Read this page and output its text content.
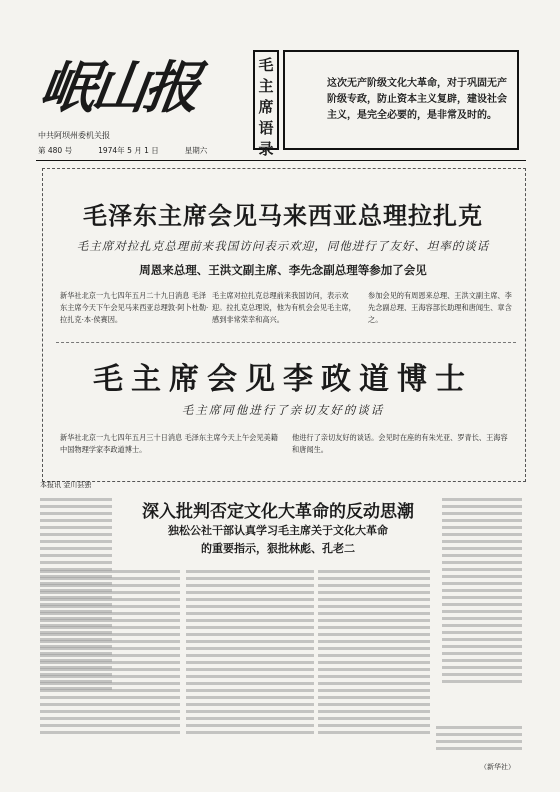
岷山报
中共阿坝州委机关报
第 480 号	1974年 5 月 1 日	星期六
毛
主
席
语
录
这次无产阶级文化大革命，对于巩固无产阶级专政，防止资本主义复辟，建设社会主义，是完全必要的，是非常及时的。
毛泽东主席会见马来西亚总理拉扎克
毛主席对拉扎克总理前来我国访问表示欢迎，同他进行了友好、坦率的谈话
周恩来总理、王洪文副主席、李先念副总理等参加了会见
新华社北京一九七四年五月二十九日消息 毛泽东主席今天下午会见马来西亚总理敦·阿卜杜勒·拉扎克·本·侯赛因。
毛主席对拉扎克总理前来我国访问，表示欢迎。拉扎克总理说，他为有机会会见毛主席，感到非常荣幸和高兴。
参加会见的有周恩来总理、王洪文副主席、李先念副总理、王海容部长助理和唐闻生、章含之。
毛主席会见李政道博士
毛主席同他进行了亲切友好的谈话
新华社北京一九七四年五月三十日消息 毛泽东主席今天上午会见美籍中国物理学家李政道博士。
他进行了亲切友好的谈话。会见时在座的有朱光亚、罗青长、王海容和唐闻生。
本报讯 金川县独
深入批判否定文化大革命的反动思潮
独松公社干部认真学习毛主席关于文化大革命
的重要指示，狠批林彪、孔老二
（新华社）
